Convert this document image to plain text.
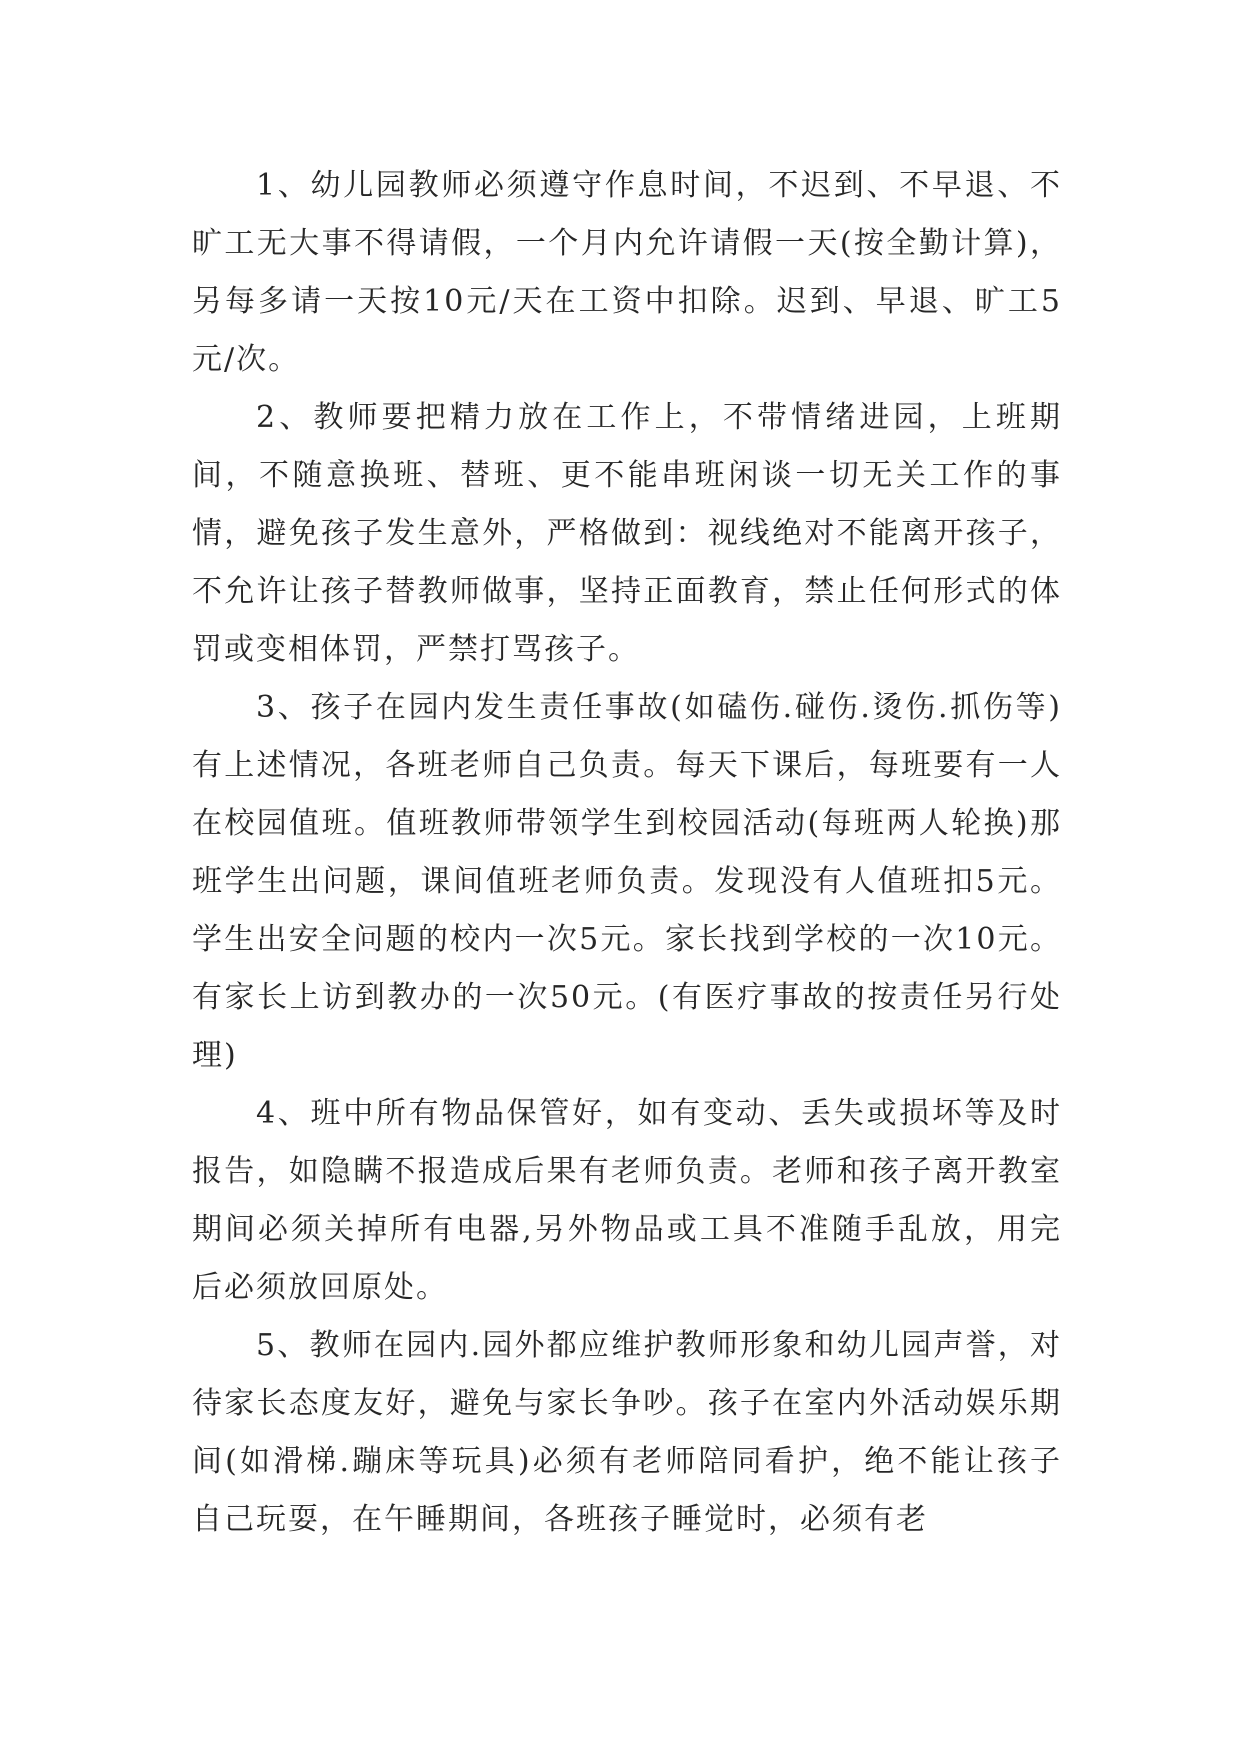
1、幼儿园教师必须遵守作息时间，不迟到、不早退、不旷工无大事不得请假，一个月内允许请假一天(按全勤计算)，另每多请一天按10元/天在工资中扣除。迟到、早退、旷工5元/次。

2、教师要把精力放在工作上，不带情绪进园，上班期间，不随意换班、替班、更不能串班闲谈一切无关工作的事情，避免孩子发生意外，严格做到：视线绝对不能离开孩子，不允许让孩子替教师做事，坚持正面教育，禁止任何形式的体罚或变相体罚，严禁打骂孩子。

3、孩子在园内发生责任事故(如磕伤.碰伤.烫伤.抓伤等)有上述情况，各班老师自己负责。每天下课后，每班要有一人在校园值班。值班教师带领学生到校园活动(每班两人轮换)那班学生出问题，课间值班老师负责。发现没有人值班扣5元。学生出安全问题的校内一次5元。家长找到学校的一次10元。有家长上访到教办的一次50元。(有医疗事故的按责任另行处理)

4、班中所有物品保管好，如有变动、丢失或损坏等及时报告，如隐瞒不报造成后果有老师负责。老师和孩子离开教室期间必须关掉所有电器,另外物品或工具不准随手乱放，用完后必须放回原处。

5、教师在园内.园外都应维护教师形象和幼儿园声誉，对待家长态度友好，避免与家长争吵。孩子在室内外活动娱乐期间(如滑梯.蹦床等玩具)必须有老师陪同看护，绝不能让孩子自己玩耍，在午睡期间，各班孩子睡觉时，必须有老
